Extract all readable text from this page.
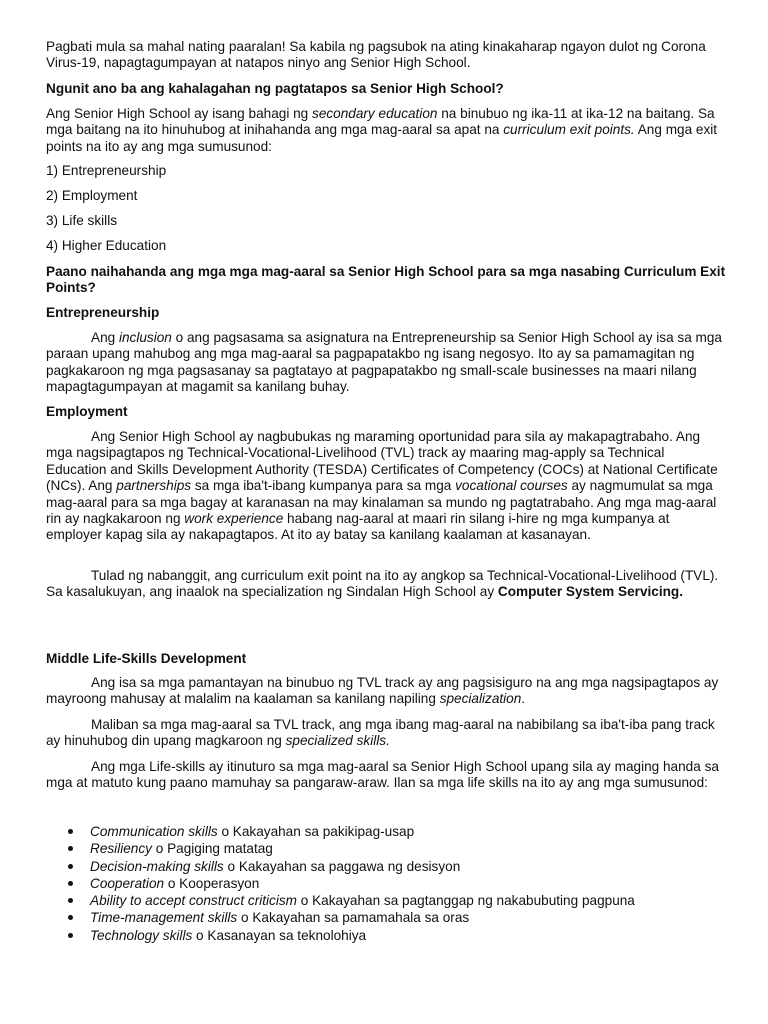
Pagbati mula sa mahal nating paaralan! Sa kabila ng pagsubok na ating kinakaharap ngayon dulot ng Corona Virus-19, napagtagumpayan at natapos ninyo ang Senior High School.

Ngunit ano ba ang kahalagahan ng pagtatapos sa Senior High School?

Ang Senior High School ay isang bahagi ng secondary education na binubuo ng ika-11 at ika-12 na baitang. Sa mga baitang na ito hinuhubog at inihahanda ang mga mag-aaral sa apat na curriculum exit points. Ang mga exit points na ito ay ang mga sumusunod:

1) Entrepreneurship

2) Employment

3) Life skills

4) Higher Education

Paano naihahanda ang mga mga mag-aaral sa Senior High School para sa mga nasabing Curriculum Exit Points?

Entrepreneurship

Ang inclusion o ang pagsasama sa asignatura na Entrepreneurship sa Senior High School ay isa sa mga paraan upang mahubog ang mga mag-aaral sa pagpapatakbo ng isang negosyo. Ito ay sa pamamagitan ng pagkakaroon ng mga pagsasanay sa pagtatayo at pagpapatakbo ng small-scale businesses na maari nilang mapagtagumpayan at magamit sa kanilang buhay.

Employment

Ang Senior High School ay nagbubukas ng maraming oportunidad para sila ay makapagtrabaho. Ang mga nagsipagtapos ng Technical-Vocational-Livelihood (TVL) track ay maaring mag-apply sa Technical Education and Skills Development Authority (TESDA) Certificates of Competency (COCs) at National Certificate (NCs). Ang partnerships sa mga iba't-ibang kumpanya para sa mga vocational courses ay nagmumulat sa mga mag-aaral para sa mga bagay at karanasan na may kinalaman sa mundo ng pagtatrabaho. Ang mga mag-aaral rin ay nagkakaroon ng work experience habang nag-aaral at maari rin silang i-hire ng mga kumpanya at employer kapag sila ay nakapagtapos. At ito ay batay sa kanilang kaalaman at kasanayan.

Tulad ng nabanggit, ang curriculum exit point na ito ay angkop sa Technical-Vocational-Livelihood (TVL). Sa kasalukuyan, ang inaalok na specialization ng Sindalan High School ay Computer System Servicing.

Middle Life-Skills Development

Ang isa sa mga pamantayan na binubuo ng TVL track ay ang pagsisiguro na ang mga nagsipagtapos ay mayroong mahusay at malalim na kaalaman sa kanilang napiling specialization.

Maliban sa mga mag-aaral sa TVL track, ang mga ibang mag-aaral na nabibilang sa iba't-iba pang track ay hinuhubog din upang magkaroon ng specialized skills.

Ang mga Life-skills ay itinuturo sa mga mag-aaral sa Senior High School upang sila ay maging handa sa mga at matuto kung paano mamuhay sa pangaraw-araw. Ilan sa mga life skills na ito ay ang mga sumusunod:

Communication skills o Kakayahan sa pakikipag-usap
Resiliency o Pagiging matatag
Decision-making skills o Kakayahan sa paggawa ng desisyon
Cooperation o Kooperasyon
Ability to accept construct criticism o Kakayahan sa pagtanggap ng nakabubuting pagpuna
Time-management skills o Kakayahan sa pamamahala sa oras
Technology skills o Kasanayan sa teknolohiya
